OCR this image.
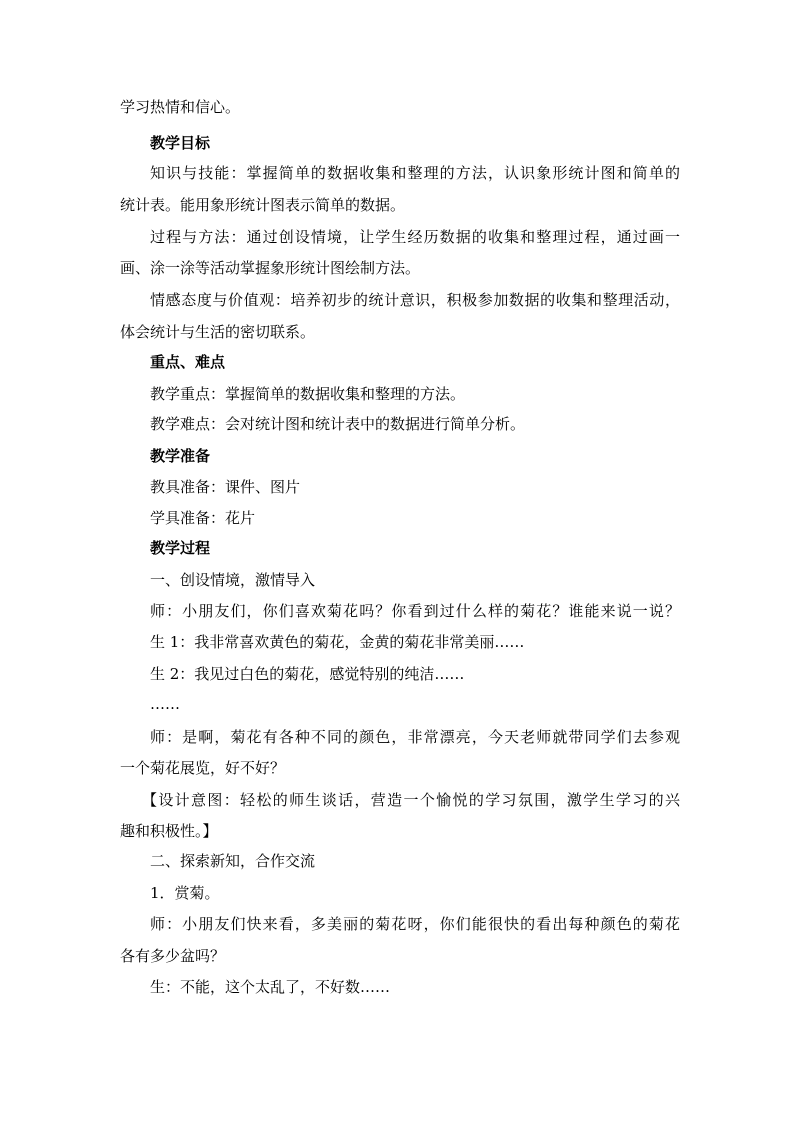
学习热情和信心。
教学目标
知识与技能：掌握简单的数据收集和整理的方法，认识象形统计图和简单的
统计表。能用象形统计图表示简单的数据。
过程与方法：通过创设情境，让学生经历数据的收集和整理过程，通过画一
画、涂一涂等活动掌握象形统计图绘制方法。
情感态度与价值观：培养初步的统计意识，积极参加数据的收集和整理活动，
体会统计与生活的密切联系。
重点、难点
教学重点：掌握简单的数据收集和整理的方法。
教学难点：会对统计图和统计表中的数据进行简单分析。
教学准备
教具准备：课件、图片
学具准备：花片
教学过程
一、创设情境，激情导入
师：小朋友们，你们喜欢菊花吗？你看到过什么样的菊花？谁能来说一说？
生 1：我非常喜欢黄色的菊花，金黄的菊花非常美丽……
生 2：我见过白色的菊花，感觉特别的纯洁……
……
师：是啊，菊花有各种不同的颜色，非常漂亮，今天老师就带同学们去参观
一个菊花展览，好不好？
【设计意图：轻松的师生谈话，营造一个愉悦的学习氛围，激学生学习的兴
趣和积极性。】
二、探索新知，合作交流
1．赏菊。
师：小朋友们快来看，多美丽的菊花呀，你们能很快的看出每种颜色的菊花
各有多少盆吗？
生：不能，这个太乱了，不好数……
